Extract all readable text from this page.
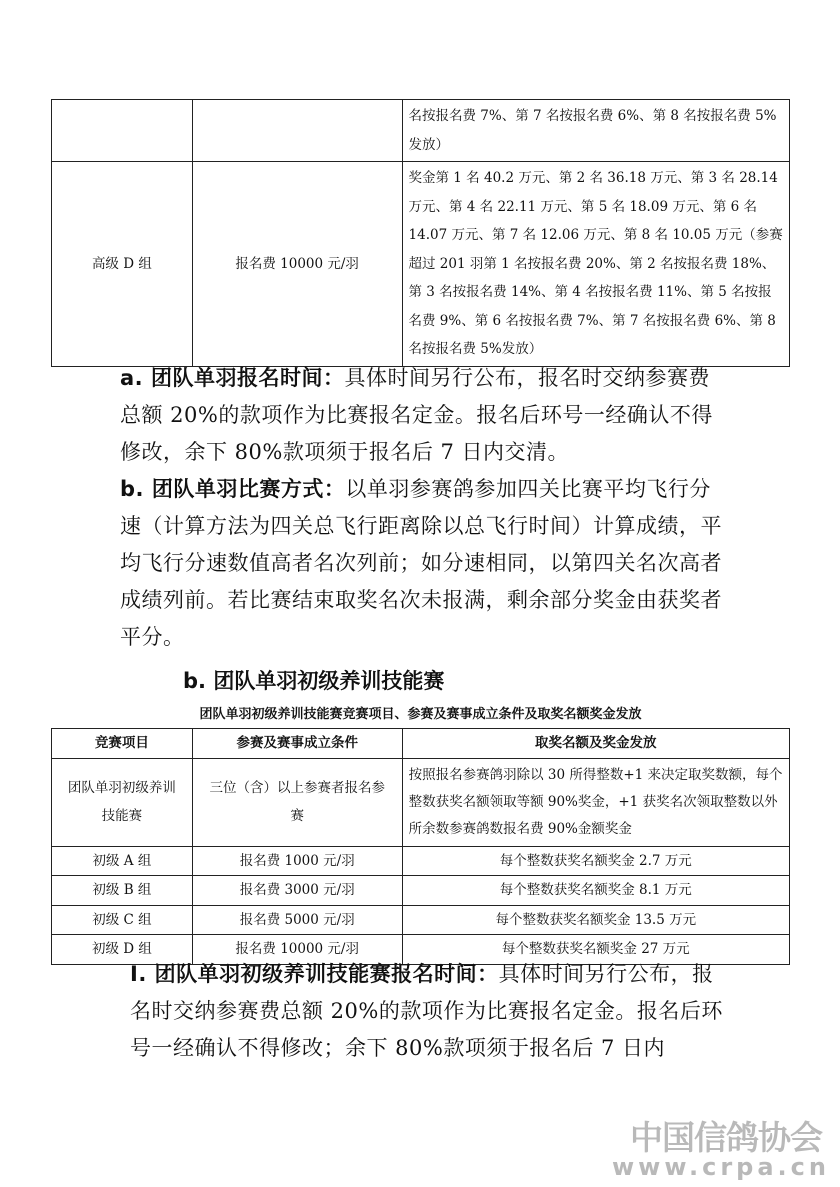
		名按报名费 7%、第 7 名按报名费 6%、第 8 名按报名费 5%发放）
高级 D 组	报名费 10000 元/羽	奖金第 1 名 40.2 万元、第 2 名 36.18 万元、第 3 名 28.14 万元、第 4 名 22.11 万元、第 5 名 18.09 万元、第 6 名 14.07 万元、第 7 名 12.06 万元、第 8 名 10.05 万元（参赛超过 201 羽第 1 名按报名费 20%、第 2 名按报名费 18%、第 3 名按报名费 14%、第 4 名按报名费 11%、第 5 名按报名费 9%、第 6 名按报名费 7%、第 7 名按报名费 6%、第 8 名按报名费 5%发放）

a. 团队单羽报名时间：具体时间另行公布，报名时交纳参赛费总额 20%的款项作为比赛报名定金。报名后环号一经确认不得修改，余下 80%款项须于报名后 7 日内交清。

b. 团队单羽比赛方式：以单羽参赛鸽参加四关比赛平均飞行分速（计算方法为四关总飞行距离除以总飞行时间）计算成绩，平均飞行分速数值高者名次列前；如分速相同，以第四关名次高者成绩列前。若比赛结束取奖名次未报满，剩余部分奖金由获奖者平分。

b. 团队单羽初级养训技能赛
团队单羽初级养训技能赛竞赛项目、参赛及赛事成立条件及取奖名额奖金发放
竞赛项目	参赛及赛事成立条件	取奖名额及奖金发放
团队单羽初级养训技能赛	三位（含）以上参赛者报名参赛	按照报名参赛鸽羽除以 30 所得整数+1 来决定取奖数额，每个整数获奖名额领取等额 90%奖金，+1 获奖名次领取整数以外所余数参赛鸽数报名费 90%金额奖金
初级 A 组	报名费 1000 元/羽	每个整数获奖名额奖金 2.7 万元
初级 B 组	报名费 3000 元/羽	每个整数获奖名额奖金 8.1 万元
初级 C 组	报名费 5000 元/羽	每个整数获奖名额奖金 13.5 万元
初级 D 组	报名费 10000 元/羽	每个整数获奖名额奖金 27 万元

I. 团队单羽初级养训技能赛报名时间：具体时间另行公布，报名时交纳参赛费总额 20%的款项作为比赛报名定金。报名后环号一经确认不得修改；余下 80%款项须于报名后 7 日内

中国信鸽协会
www.crpa.cn
